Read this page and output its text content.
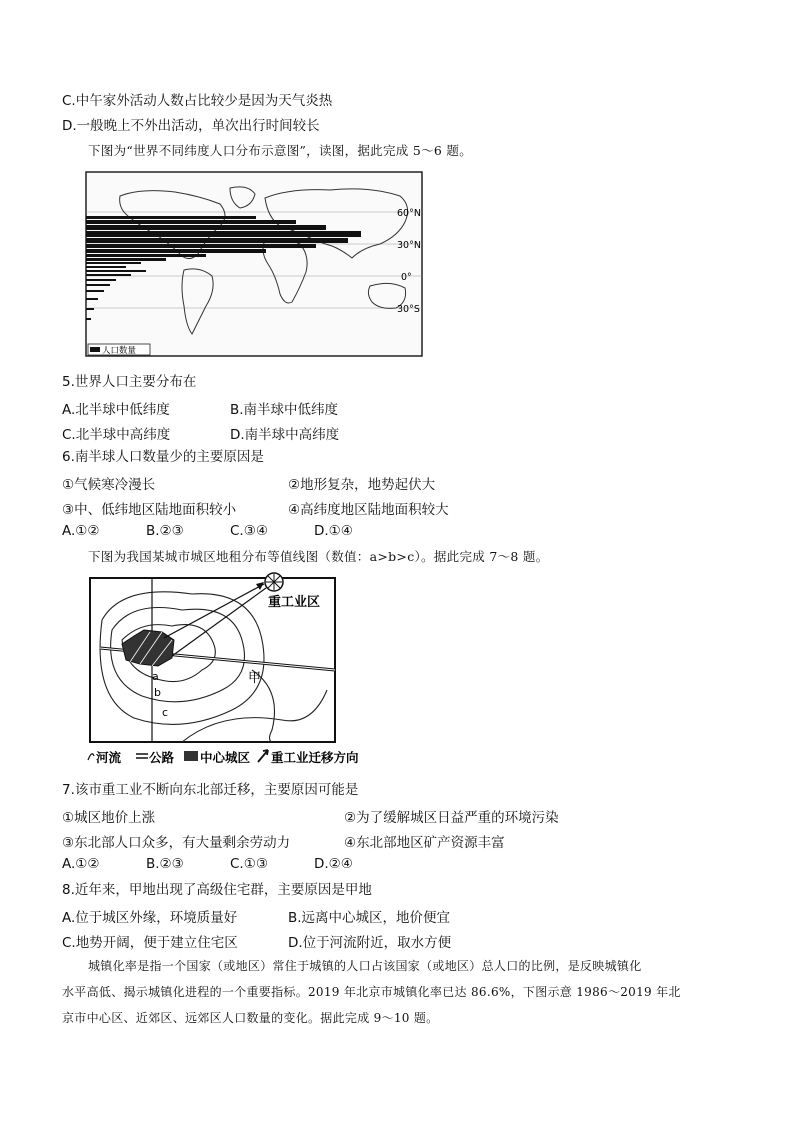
C.中午家外活动人数占比较少是因为天气炎热
D.一般晚上不外出活动，单次出行时间较长
下图为“世界不同纬度人口分布示意图”，读图，据此完成 5～6 题。
60°N
30°N
0°
30°S
人口数量
5.世界人口主要分布在
A.北半球中低纬度	B.南半球中低纬度
C.北半球中高纬度	D.南半球中高纬度
6.南半球人口数量少的主要原因是
①气候寒冷漫长	②地形复杂，地势起伏大
③中、低纬地区陆地面积较小	④高纬度地区陆地面积较大
A.①②	B.②③	C.③④	D.①④
下图为我国某城市城区地租分布等值线图（数值：a>b>c）。据此完成 7～8 题。
重工业区
甲
a
b
c
河流 公路 中心城区 重工业迁移方向
7.该市重工业不断向东北部迁移，主要原因可能是
①城区地价上涨	②为了缓解城区日益严重的环境污染
③东北部人口众多，有大量剩余劳动力	④东北部地区矿产资源丰富
A.①②	B.②③	C.①③	D.②④
8.近年来，甲地出现了高级住宅群，主要原因是甲地
A.位于城区外缘，环境质量好	B.远离中心城区，地价便宜
C.地势开阔，便于建立住宅区	D.位于河流附近，取水方便
城镇化率是指一个国家（或地区）常住于城镇的人口占该国家（或地区）总人口的比例，是反映城镇化
水平高低、揭示城镇化进程的一个重要指标。2019 年北京市城镇化率已达 86.6%，下图示意 1986～2019 年北
京市中心区、近郊区、远郊区人口数量的变化。据此完成 9～10 题。
